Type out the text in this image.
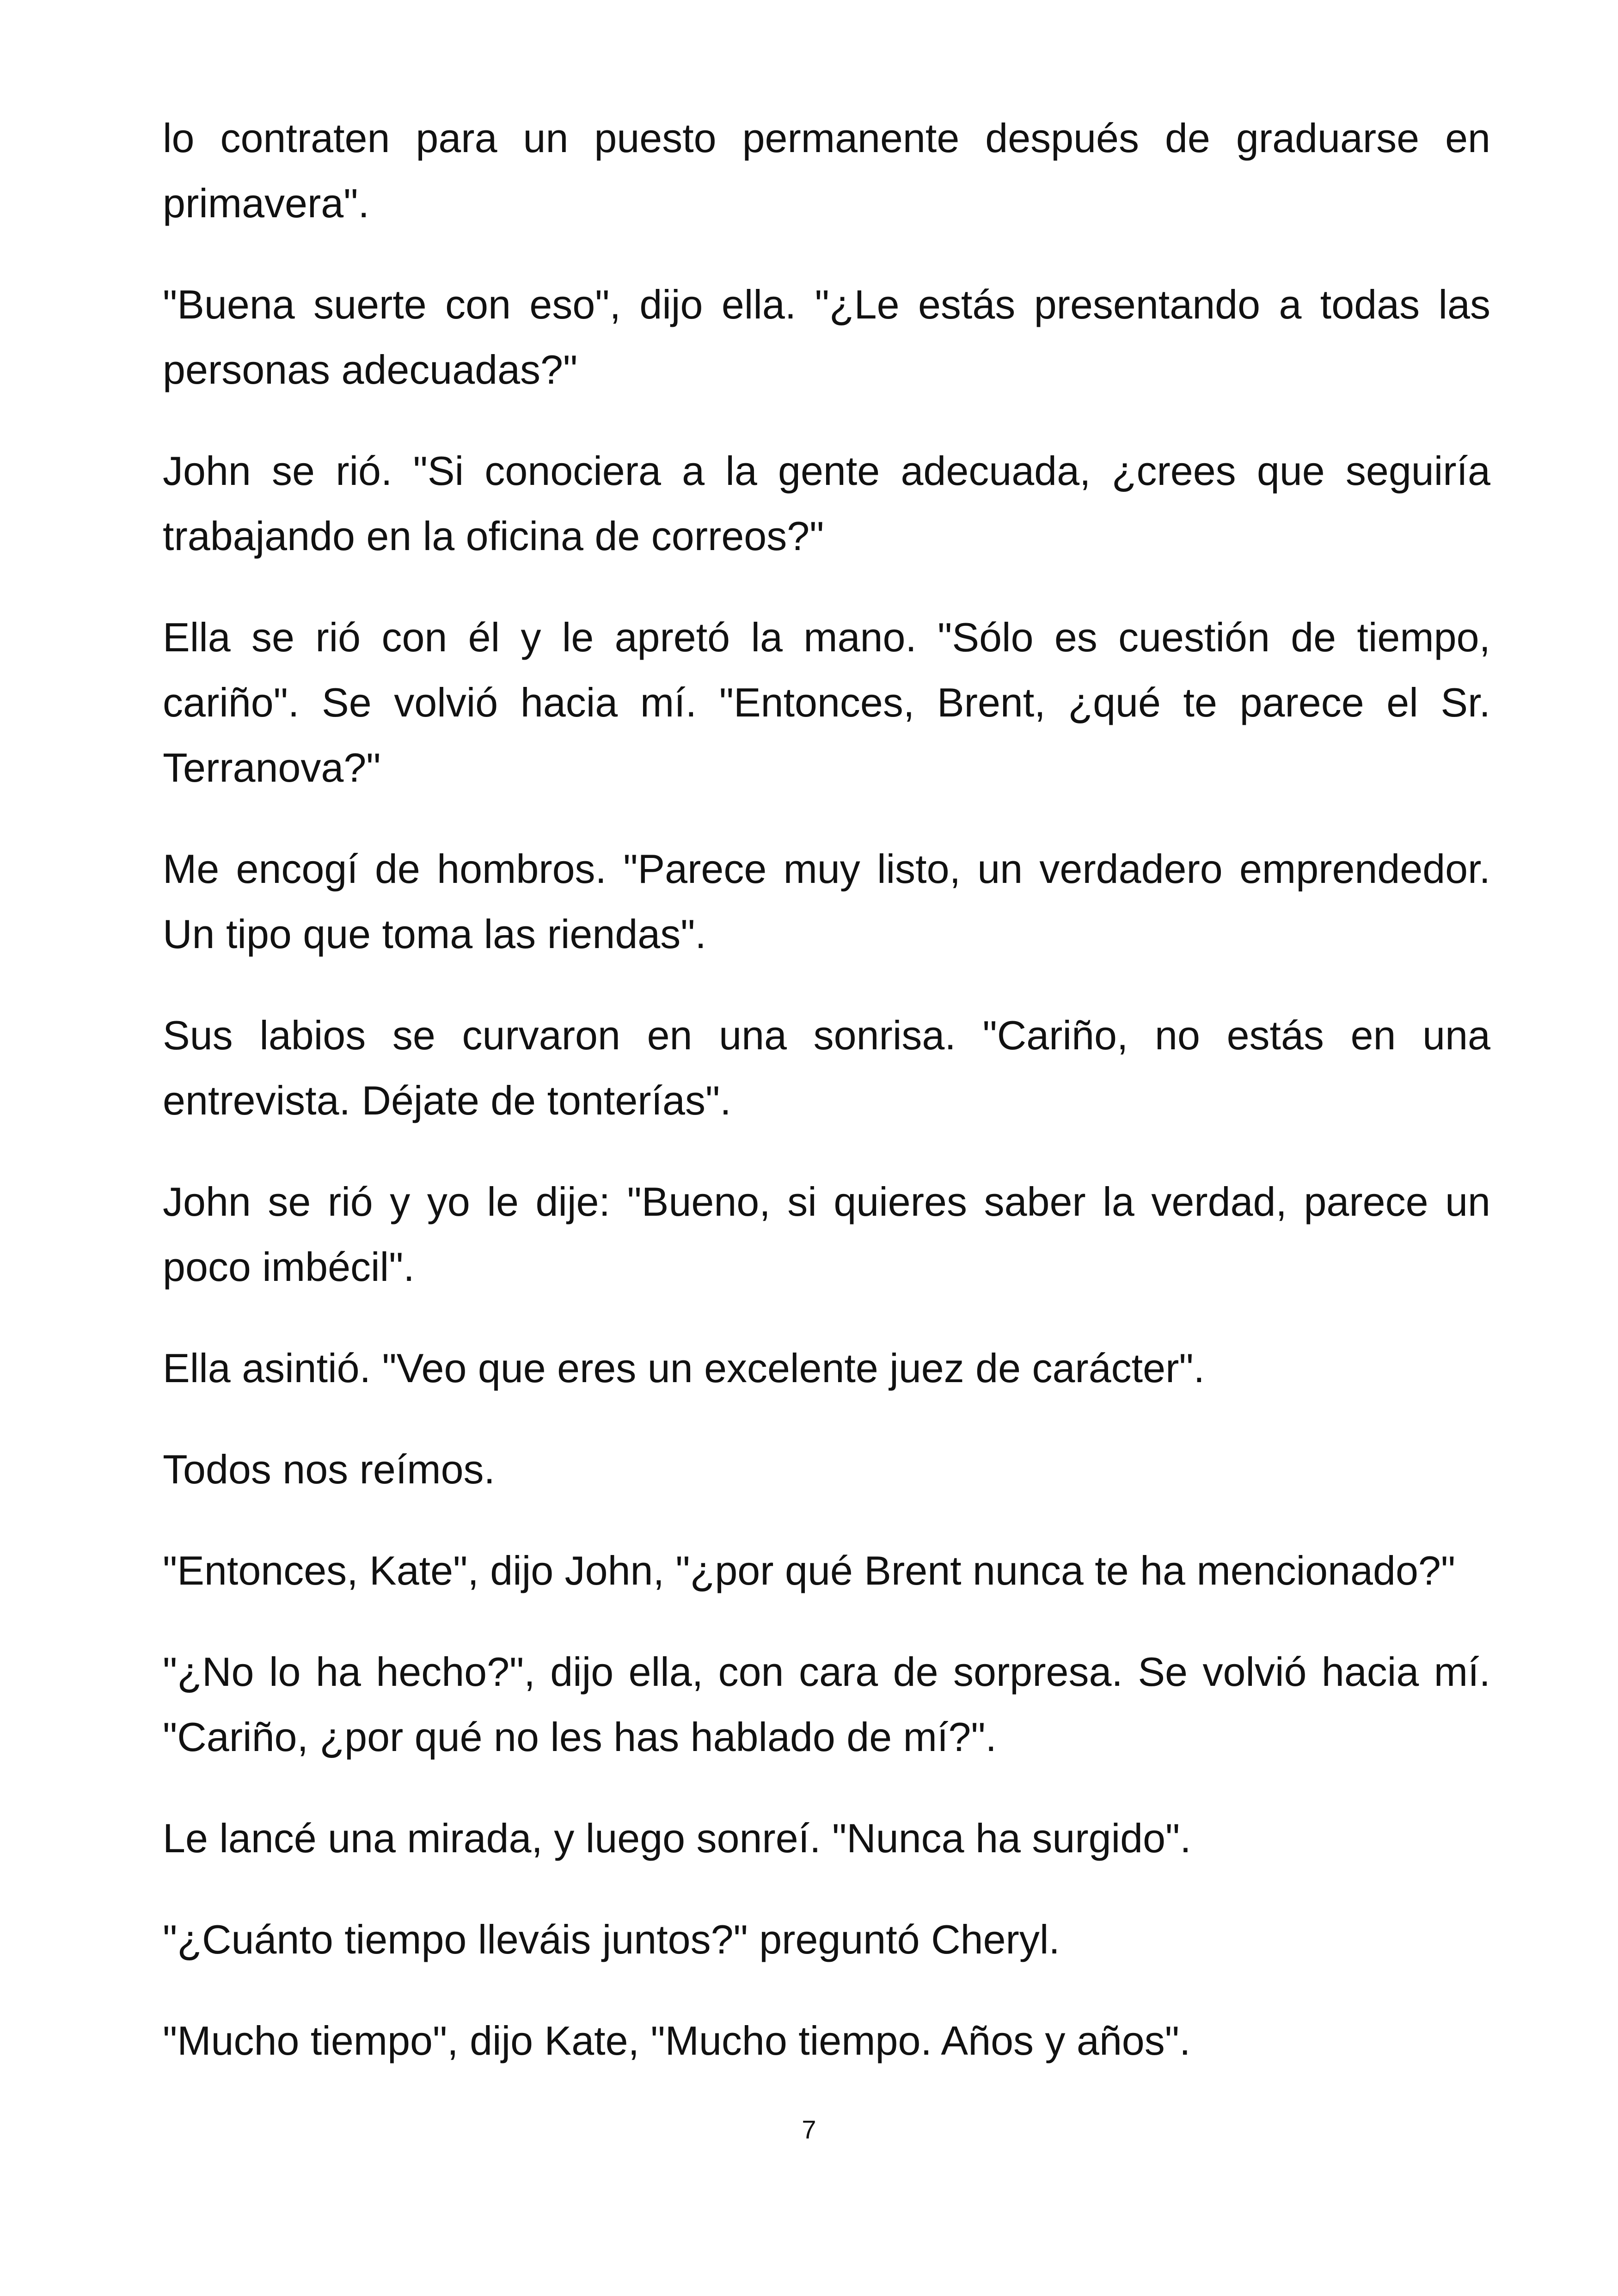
lo contraten para un puesto permanente después de graduarse en primavera".

"Buena suerte con eso", dijo ella. "¿Le estás presentando a todas las personas adecuadas?"

John se rió. "Si conociera a la gente adecuada, ¿crees que seguiría trabajando en la oficina de correos?"

Ella se rió con él y le apretó la mano. "Sólo es cuestión de tiempo, cariño". Se volvió hacia mí. "Entonces, Brent, ¿qué te parece el Sr. Terranova?"

Me encogí de hombros. "Parece muy listo, un verdadero emprendedor. Un tipo que toma las riendas".

Sus labios se curvaron en una sonrisa. "Cariño, no estás en una entrevista. Déjate de tonterías".

John se rió y yo le dije: "Bueno, si quieres saber la verdad, parece un poco imbécil".

Ella asintió. "Veo que eres un excelente juez de carácter".

Todos nos reímos.

"Entonces, Kate", dijo John, "¿por qué Brent nunca te ha mencionado?"

"¿No lo ha hecho?", dijo ella, con cara de sorpresa. Se volvió hacia mí. "Cariño, ¿por qué no les has hablado de mí?".

Le lancé una mirada, y luego sonreí. "Nunca ha surgido".

"¿Cuánto tiempo lleváis juntos?" preguntó Cheryl.

"Mucho tiempo", dijo Kate, "Mucho tiempo. Años y años".

7
